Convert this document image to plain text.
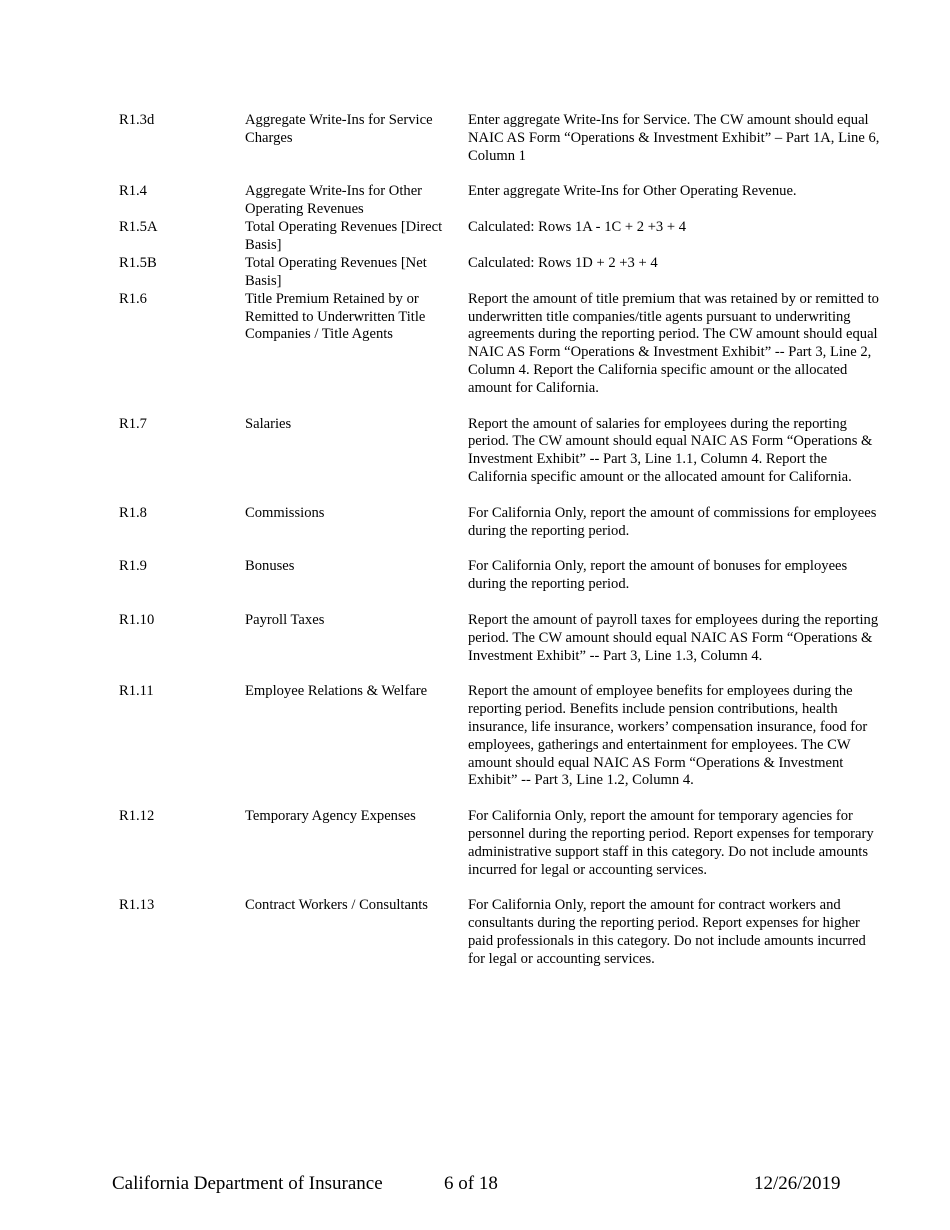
R1.3d	Aggregate Write-Ins for Service Charges
Enter aggregate Write-Ins for Service. The CW amount should equal NAIC AS Form “Operations & Investment Exhibit” – Part 1A, Line 6, Column 1
R1.4	Aggregate Write-Ins for Other Operating Revenues
Enter aggregate Write-Ins for Other Operating Revenue.
R1.5A	Total Operating Revenues [Direct Basis]
Calculated: Rows 1A - 1C + 2 +3 + 4
R1.5B	Total Operating Revenues [Net Basis]
Calculated: Rows 1D + 2 +3 + 4
R1.6	Title Premium Retained by or Remitted to Underwritten Title Companies / Title Agents
Report the amount of title premium that was retained by or remitted to underwritten title companies/title agents pursuant to underwriting agreements during the reporting period. The CW amount should equal NAIC AS Form “Operations & Investment Exhibit” -- Part 3, Line 2, Column 4. Report the California specific amount or the allocated amount for California.
R1.7	Salaries	Report the amount of salaries for employees during the reporting period. The CW amount should equal NAIC AS Form “Operations & Investment Exhibit” -- Part 3, Line 1.1, Column 4. Report the California specific amount or the allocated amount for California.
R1.8	Commissions	For California Only, report the amount of commissions for employees during the reporting period.
R1.9	Bonuses	For California Only, report the amount of bonuses for employees during the reporting period.
R1.10	Payroll Taxes	Report the amount of payroll taxes for employees during the reporting period. The CW amount should equal NAIC AS Form “Operations & Investment Exhibit” -- Part 3, Line 1.3, Column 4.
R1.11	Employee Relations & Welfare	Report the amount of employee benefits for employees during the reporting period. Benefits include pension contributions, health insurance, life insurance, workers’ compensation insurance, food for employees, gatherings and entertainment for employees. The CW amount should equal NAIC AS Form “Operations & Investment Exhibit” -- Part 3, Line 1.2, Column 4.
R1.12	Temporary Agency Expenses	For California Only, report the amount for temporary agencies for personnel during the reporting period. Report expenses for temporary administrative support staff in this category. Do not include amounts incurred for legal or accounting services.
R1.13	Contract Workers / Consultants	For California Only, report the amount for contract workers and consultants during the reporting period. Report expenses for higher paid professionals in this category. Do not include amounts incurred for legal or accounting services.
California Department of Insurance	6 of 18	12/26/2019
